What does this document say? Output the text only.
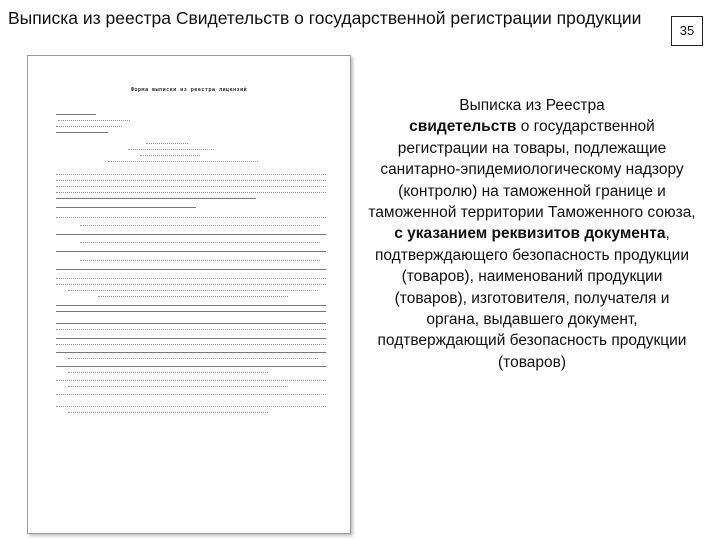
Выписка из реестра Свидетельств о государственной регистрации продукции
35
Форма выписки из реестра лицензий
Выписка из Реестра
свидетельств о государственной регистрации на товары, подлежащие санитарно-эпидемиологическому надзору (контролю) на таможенной границе и таможенной территории Таможенного союза, с указанием реквизитов документа, подтверждающего безопасность продукции (товаров), наименований продукции (товаров), изготовителя, получателя и органа, выдавшего документ, подтверждающий безопасность продукции (товаров)
